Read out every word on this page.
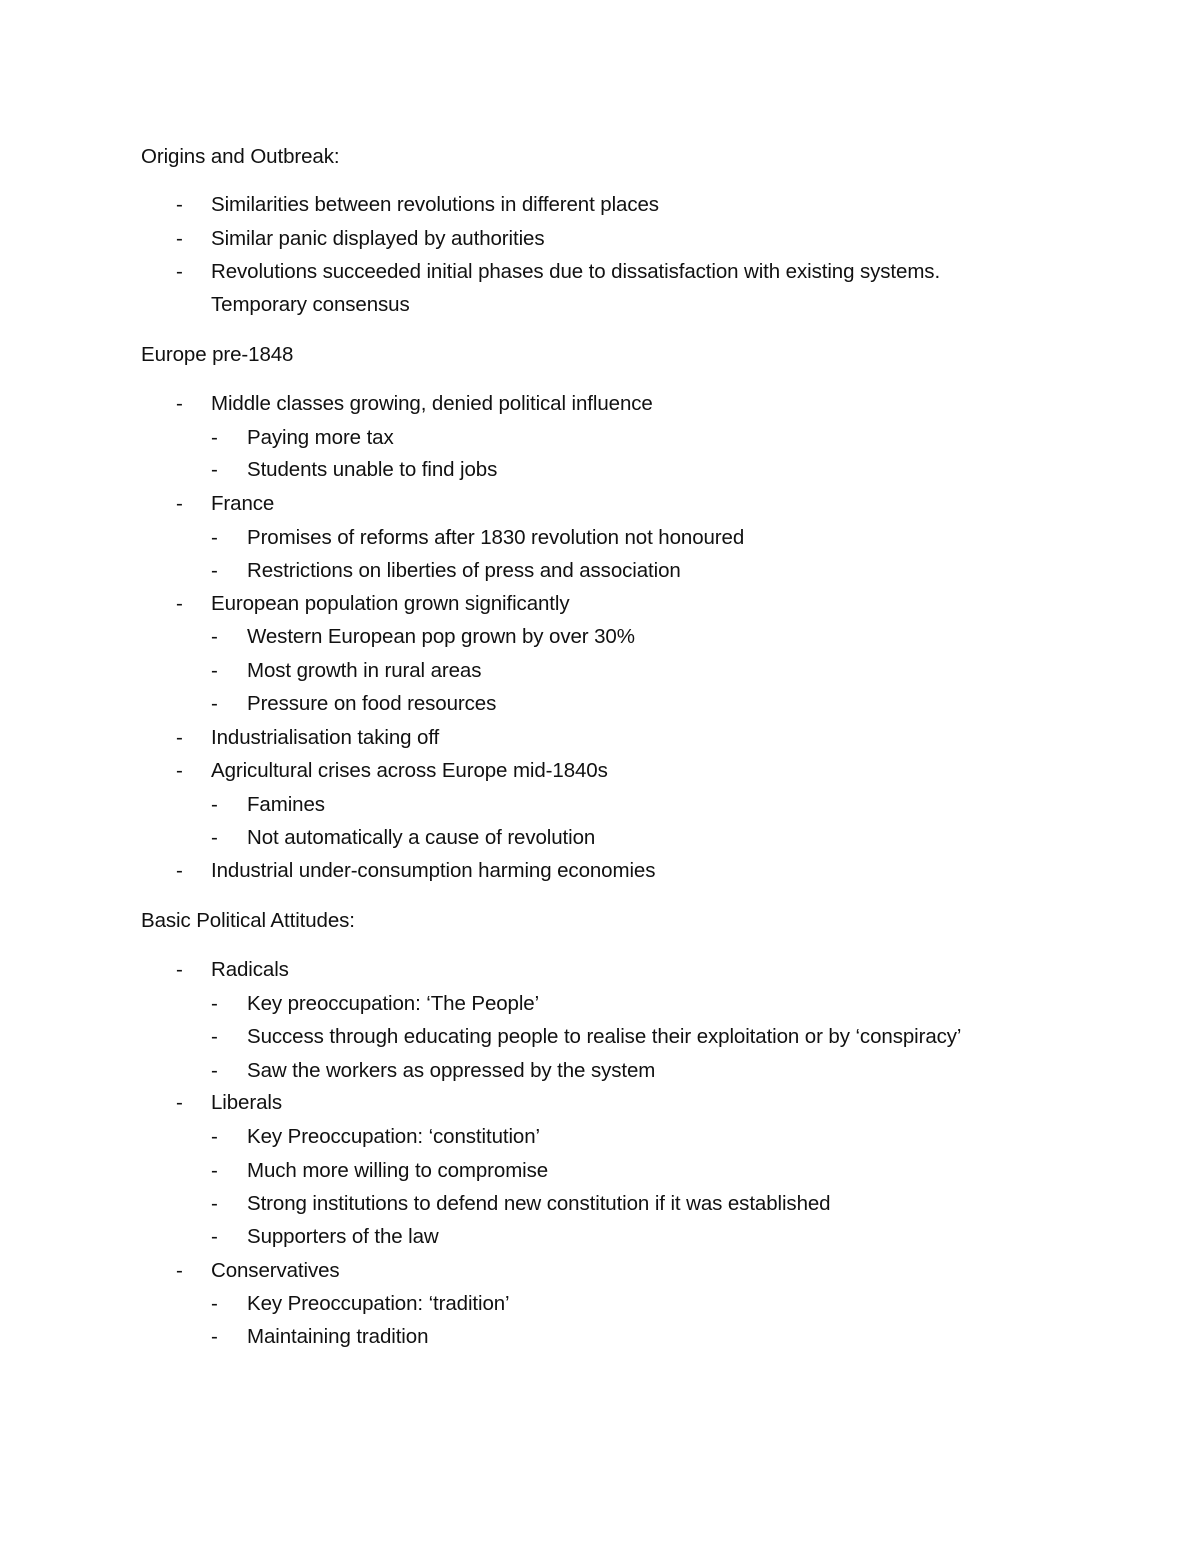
Origins and Outbreak:
- Similarities between revolutions in different places
- Similar panic displayed by authorities
- Revolutions succeeded initial phases due to dissatisfaction with existing systems.
Temporary consensus
Europe pre-1848
- Middle classes growing, denied political influence
- Paying more tax
- Students unable to find jobs
- France
- Promises of reforms after 1830 revolution not honoured
- Restrictions on liberties of press and association
- European population grown significantly
- Western European pop grown by over 30%
- Most growth in rural areas
- Pressure on food resources
- Industrialisation taking off
- Agricultural crises across Europe mid-1840s
- Famines
- Not automatically a cause of revolution
- Industrial under-consumption harming economies
Basic Political Attitudes:
- Radicals
- Key preoccupation: ‘The People’
- Success through educating people to realise their exploitation or by ‘conspiracy’
- Saw the workers as oppressed by the system
- Liberals
- Key Preoccupation: ‘constitution’
- Much more willing to compromise
- Strong institutions to defend new constitution if it was established
- Supporters of the law
- Conservatives
- Key Preoccupation: ‘tradition’
- Maintaining tradition
